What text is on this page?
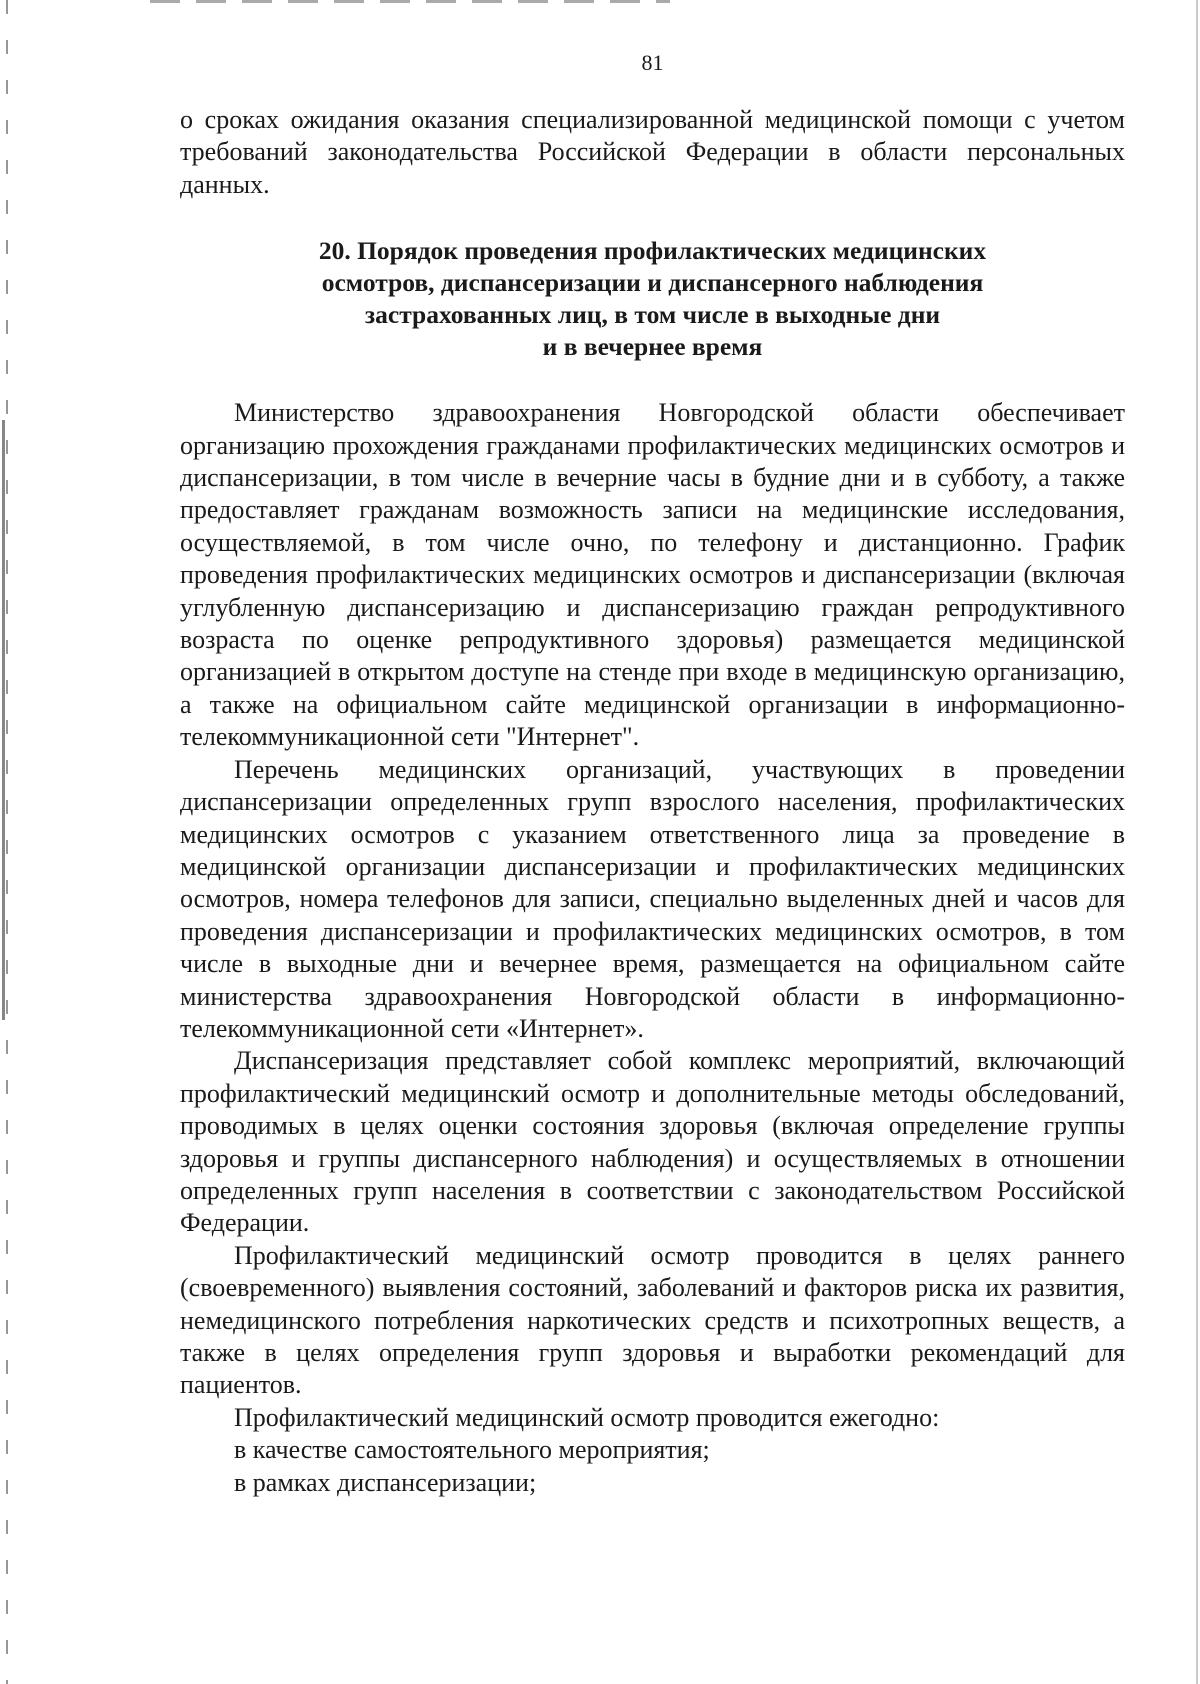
81

о сроках ожидания оказания специализированной медицинской помощи с учетом требований законодательства Российской Федерации в области персональных данных.

20. Порядок проведения профилактических медицинских
осмотров, диспансеризации и диспансерного наблюдения
застрахованных лиц, в том числе в выходные дни
и в вечернее время

Министерство здравоохранения Новгородской области обеспечивает организацию прохождения гражданами профилактических медицинских осмотров и диспансеризации, в том числе в вечерние часы в будние дни и в субботу, а также предоставляет гражданам возможность записи на медицинские исследования, осуществляемой, в том числе очно, по телефону и дистанционно. График проведения профилактических медицинских осмотров и диспансеризации (включая углубленную диспансеризацию и диспансеризацию граждан репродуктивного возраста по оценке репродуктивного здоровья) размещается медицинской организацией в открытом доступе на стенде при входе в медицинскую организацию, а также на официальном сайте медицинской организации в информационно-телекоммуникационной сети "Интернет".

Перечень медицинских организаций, участвующих в проведении диспансеризации определенных групп взрослого населения, профилактических медицинских осмотров с указанием ответственного лица за проведение в медицинской организации диспансеризации и профилактических медицинских осмотров, номера телефонов для записи, специально выделенных дней и часов для проведения диспансеризации и профилактических медицинских осмотров, в том числе в выходные дни и вечернее время, размещается на официальном сайте министерства здравоохранения Новгородской области в информационно-телекоммуникационной сети «Интернет».

Диспансеризация представляет собой комплекс мероприятий, включающий профилактический медицинский осмотр и дополнительные методы обследований, проводимых в целях оценки состояния здоровья (включая определение группы здоровья и группы диспансерного наблюдения) и осуществляемых в отношении определенных групп населения в соответствии с законодательством Российской Федерации.

Профилактический медицинский осмотр проводится в целях раннего (своевременного) выявления состояний, заболеваний и факторов риска их развития, немедицинского потребления наркотических средств и психотропных веществ, а также в целях определения групп здоровья и выработки рекомендаций для пациентов.

Профилактический медицинский осмотр проводится ежегодно:

в качестве самостоятельного мероприятия;

в рамках диспансеризации;
